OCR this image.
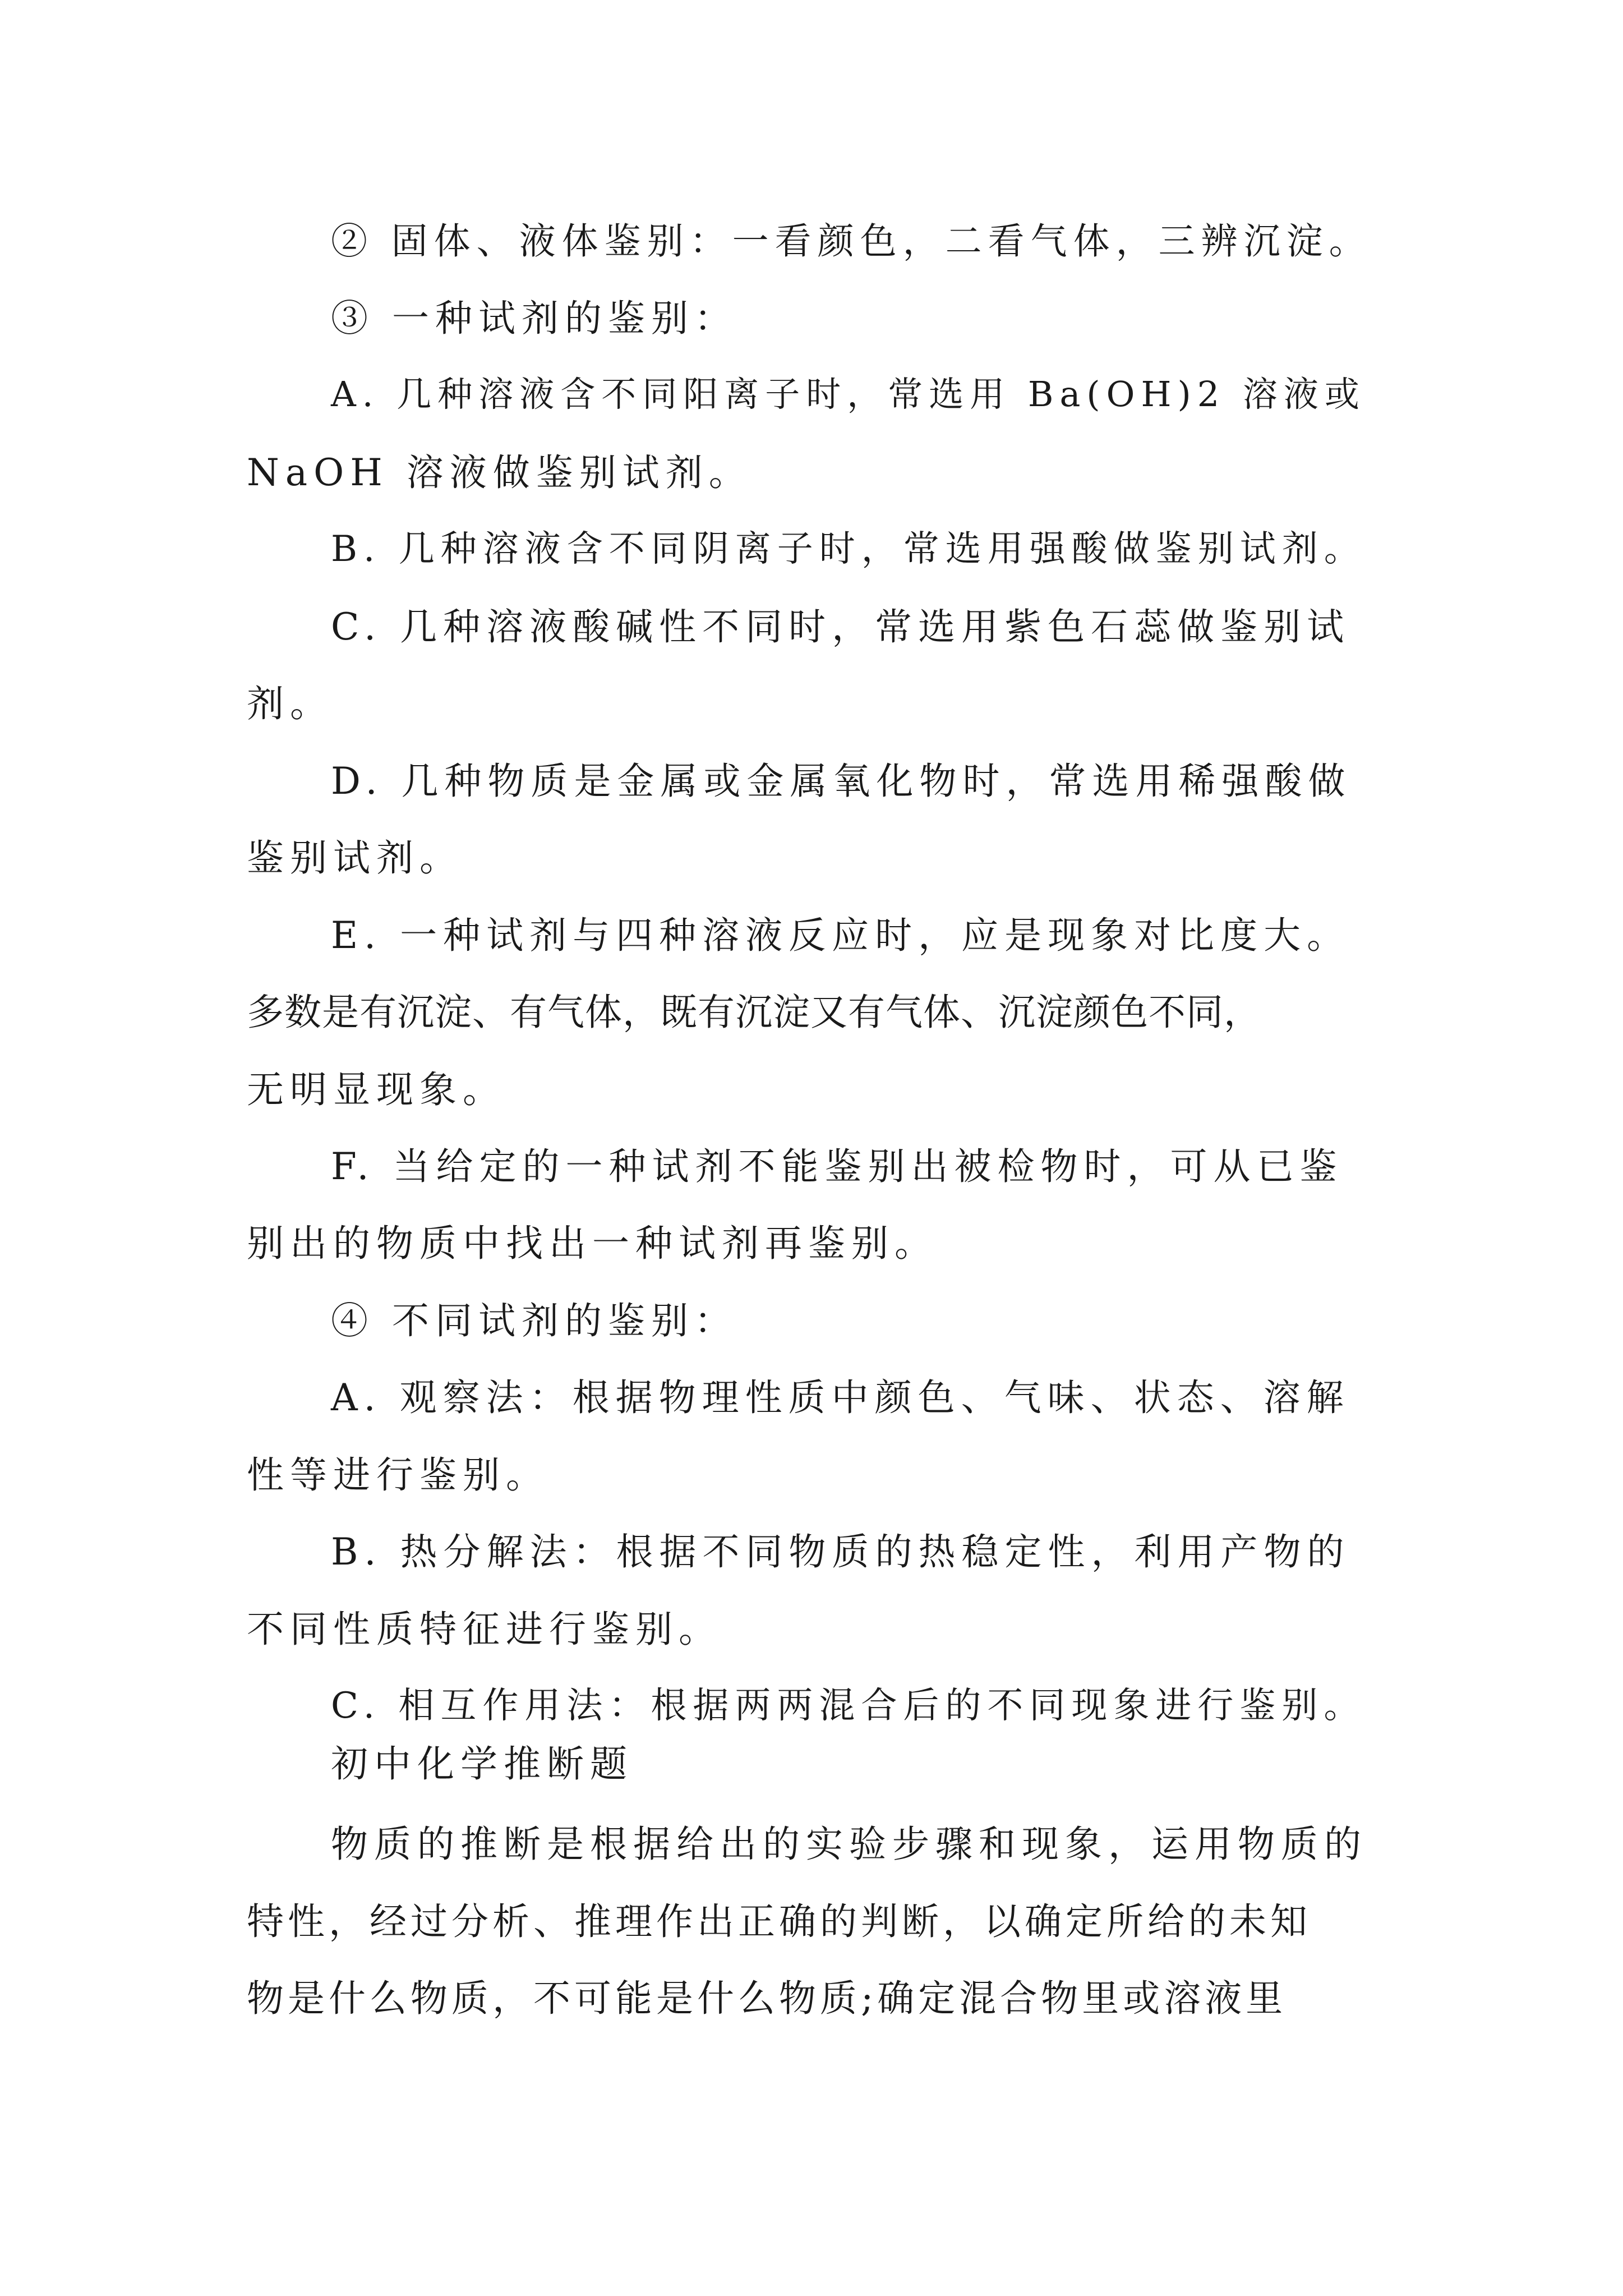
② 固体、液体鉴别：一看颜色，二看气体，三辨沉淀。

③ 一种试剂的鉴别：

A. 几种溶液含不同阳离子时，常选用 Ba(OH)2 溶液或

NaOH 溶液做鉴别试剂。

B. 几种溶液含不同阴离子时，常选用强酸做鉴别试剂。

C. 几种溶液酸碱性不同时，常选用紫色石蕊做鉴别试

剂。

D. 几种物质是金属或金属氧化物时，常选用稀强酸做

鉴别试剂。

E. 一种试剂与四种溶液反应时，应是现象对比度大。

多数是有沉淀、有气体，既有沉淀又有气体、沉淀颜色不同，

无明显现象。

F. 当给定的一种试剂不能鉴别出被检物时，可从已鉴

别出的物质中找出一种试剂再鉴别。

④ 不同试剂的鉴别：

A. 观察法：根据物理性质中颜色、气味、状态、溶解

性等进行鉴别。

B. 热分解法：根据不同物质的热稳定性，利用产物的

不同性质特征进行鉴别。

C. 相互作用法：根据两两混合后的不同现象进行鉴别。

初中化学推断题

物质的推断是根据给出的实验步骤和现象，运用物质的

特性，经过分析、推理作出正确的判断，以确定所给的未知

物是什么物质，不可能是什么物质;确定混合物里或溶液里
